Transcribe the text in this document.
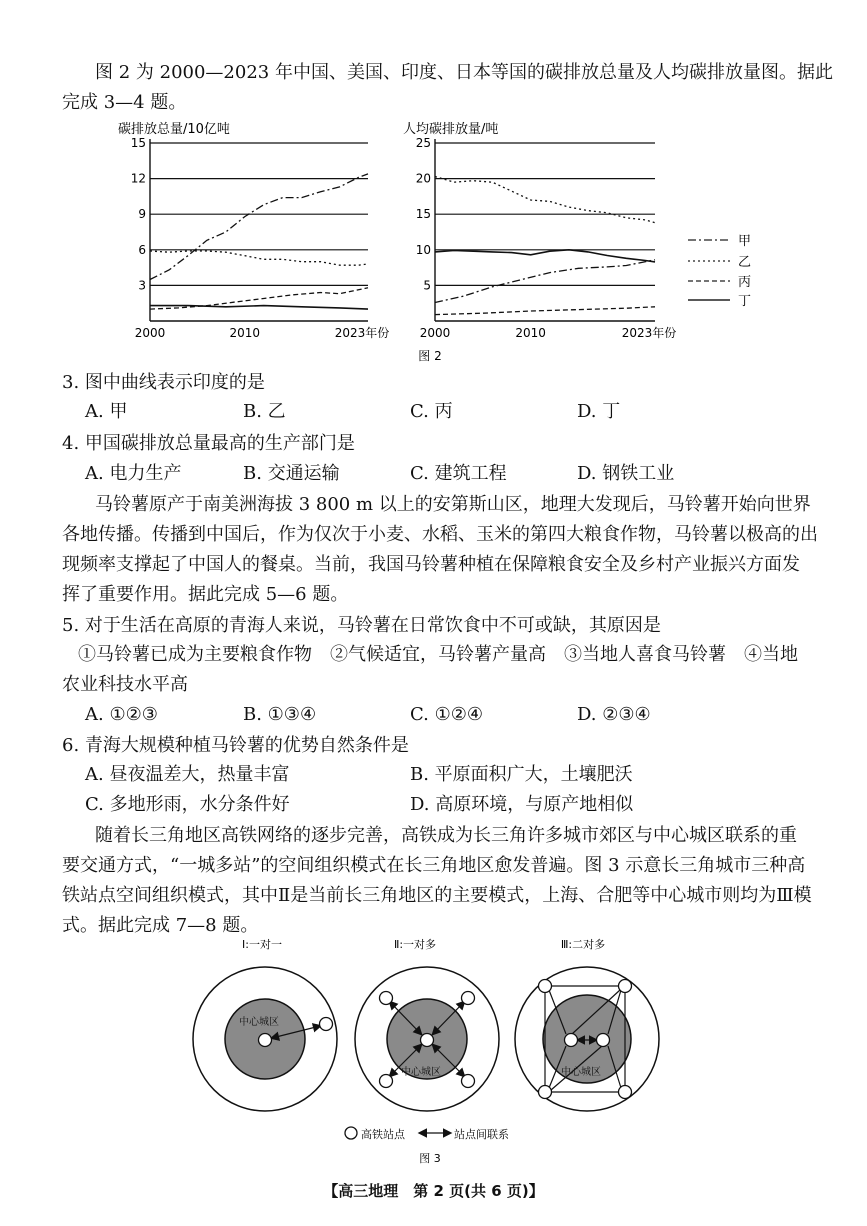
图 2 为 2000—2023 年中国、美国、印度、日本等国的碳排放总量及人均碳排放量图。据此
完成 3—4 题。
碳排放总量/10亿吨
3
6
9
12
15
2000	2010	2023年份
人均碳排放量/吨
5
10
15
20
25
2000	2010	2023年份
甲
乙
丙
丁
图 2
3. 图中曲线表示印度的是
A. 甲	B. 乙	C. 丙	D. 丁
4. 甲国碳排放总量最高的生产部门是
A. 电力生产	B. 交通运输	C. 建筑工程	D. 钢铁工业
马铃薯原产于南美洲海拔 3 800 m 以上的安第斯山区，地理大发现后，马铃薯开始向世界
各地传播。传播到中国后，作为仅次于小麦、水稻、玉米的第四大粮食作物，马铃薯以极高的出
现频率支撑起了中国人的餐桌。当前，我国马铃薯种植在保障粮食安全及乡村产业振兴方面发
挥了重要作用。据此完成 5—6 题。
5. 对于生活在高原的青海人来说，马铃薯在日常饮食中不可或缺，其原因是
①马铃薯已成为主要粮食作物　②气候适宜，马铃薯产量高　③当地人喜食马铃薯　④当地
农业科技水平高
A. ①②③	B. ①③④	C. ①②④	D. ②③④
6. 青海大规模种植马铃薯的优势自然条件是
A. 昼夜温差大，热量丰富	B. 平原面积广大，土壤肥沃
C. 多地形雨，水分条件好	D. 高原环境，与原产地相似
随着长三角地区高铁网络的逐步完善，高铁成为长三角许多城市郊区与中心城区联系的重
要交通方式，“一城多站”的空间组织模式在长三角地区愈发普遍。图 3 示意长三角城市三种高
铁站点空间组织模式，其中Ⅱ是当前长三角地区的主要模式，上海、合肥等中心城市则均为Ⅲ模
式。据此完成 7—8 题。
Ⅰ:一对一
中心城区
Ⅱ:一对多
中心城区
Ⅲ:二对多
中心城区
高铁站点	站点间联系
图 3
【高三地理　第 2 页(共 6 页)】
